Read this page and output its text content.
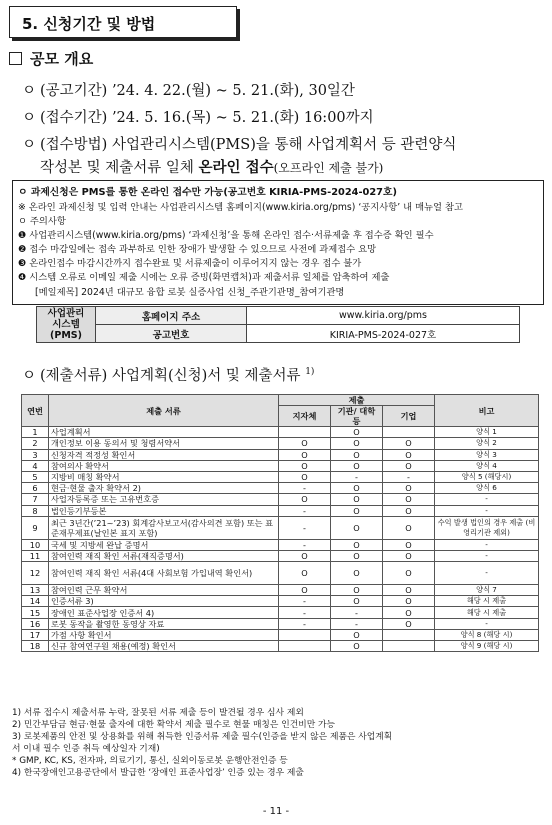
5. 신청기간 및 방법
공모 개요
ㅇ (공고기간) ’24. 4. 22.(월) ~ 5. 21.(화), 30일간
ㅇ (접수기간) ’24. 5. 16.(목) ~ 5. 21.(화) 16:00까지
ㅇ (접수방법) 사업관리시스템(PMS)을 통해 사업계획서 등 관련양식
작성본 및 제출서류 일체 온라인 접수(오프라인 제출 불가)
ㅇ 과제신청은 PMS를 통한 온라인 접수만 가능(공고번호 KIRIA-PMS-2024-027호)
※ 온라인 과제신청 및 입력 안내는 사업관리시스템 홈페이지(www.kiria.org/pms) ‘공지사항’ 내 매뉴얼 참고
ㅇ 주의사항
❶ 사업관리시스템(www.kiria.org/pms) ‘과제신청’을 통해 온라인 접수·서류제출 후 접수증 확인 필수
❷ 접수 마감일에는 접속 과부하로 인한 장애가 발생할 수 있으므로 사전에 과제접수 요망
❸ 온라인접수 마감시간까지 접수완료 및 서류제출이 이루어지지 않는 경우 접수 불가
❹ 시스템 오류로 이메일 제출 시에는 오류 증빙(화면캡처)과 제출서류 일체를 압축하여 제출
[메일제목] 2024년 대규모 융합 로봇 실증사업 신청_주관기관명_참여기관명
사업관리
시스템
(PMS)	홈페이지 주소	www.kiria.org/pms
	공고번호	KIRIA-PMS-2024-027호
ㅇ (제출서류) 사업계획(신청)서 및 제출서류 $^{1)}$
연번	제출 서류	제출			비고
		지자체	기관/ 대학 등	기업	
1	사업계획서		O		양식 1
2	개인정보 이용 동의서 및 청렴서약서	O	O	O	양식 2
3	신청자격 적정성 확인서	O	O	O	양식 3
4	참여의사 확약서	O	O	O	양식 4
5	지방비 매칭 확약서	O	-	-	양식 5 (해당시)
6	현금·현물 출자 확약서 2)	-	O	O	양식 6
7	사업자등록증 또는 고유번호증	O	O	O	-
8	법인등기부등본	-	O	O	-
9	최근 3년간(’21~’23) 회계감사보고서(감사의견 포함) 또는 표준재무제표(날인본 표지 포함)	-	O	O	수익 발생 법인의 경우 제출 (비영리기관 제외)
10	국세 및 지방세 완납 증명서	-	O	O	-
11	참여인력 재직 확인 서류(재직증명서)	O	O	O	-
12	참여인력 재직 확인 서류(4대 사회보험 가입내역 확인서)	O	O	O	-
13	참여인력 근무 확약서	O	O	O	양식 7
14	인증서류 3)	-	O	O	해당 시 제출
15	장애인 표준사업장 인증서 4)	-	-	O	해당 시 제출
16	로봇 동작을 촬영한 동영상 자료	-	-	O	-
17	가점 사항 확인서		O		양식 8 (해당 시)
18	신규 참여연구원 채용(예정) 확인서		O		양식 9 (해당 시)
1) 서류 접수시 제출서류 누락, 잘못된 서류 제출 등이 발견될 경우 심사 제외
2) 민간부담금 현금·현물 출자에 대한 확약서 제출 필수로 현물 매칭은 인건비만 가능
3) 로봇제품의 안전 및 상용화를 위해 취득한 인증서류 제출 필수(인증을 받지 않은 제품은 사업계획
서 이내 필수 인증 취득 예상일자 기재)
* GMP, KC, KS, 전자파, 의료기기, 통신, 실외이동로봇 운행안전인증 등
4) 한국장애인고용공단에서 발급한 ‘장애인 표준사업장’ 인증 있는 경우 제출
- 11 -
